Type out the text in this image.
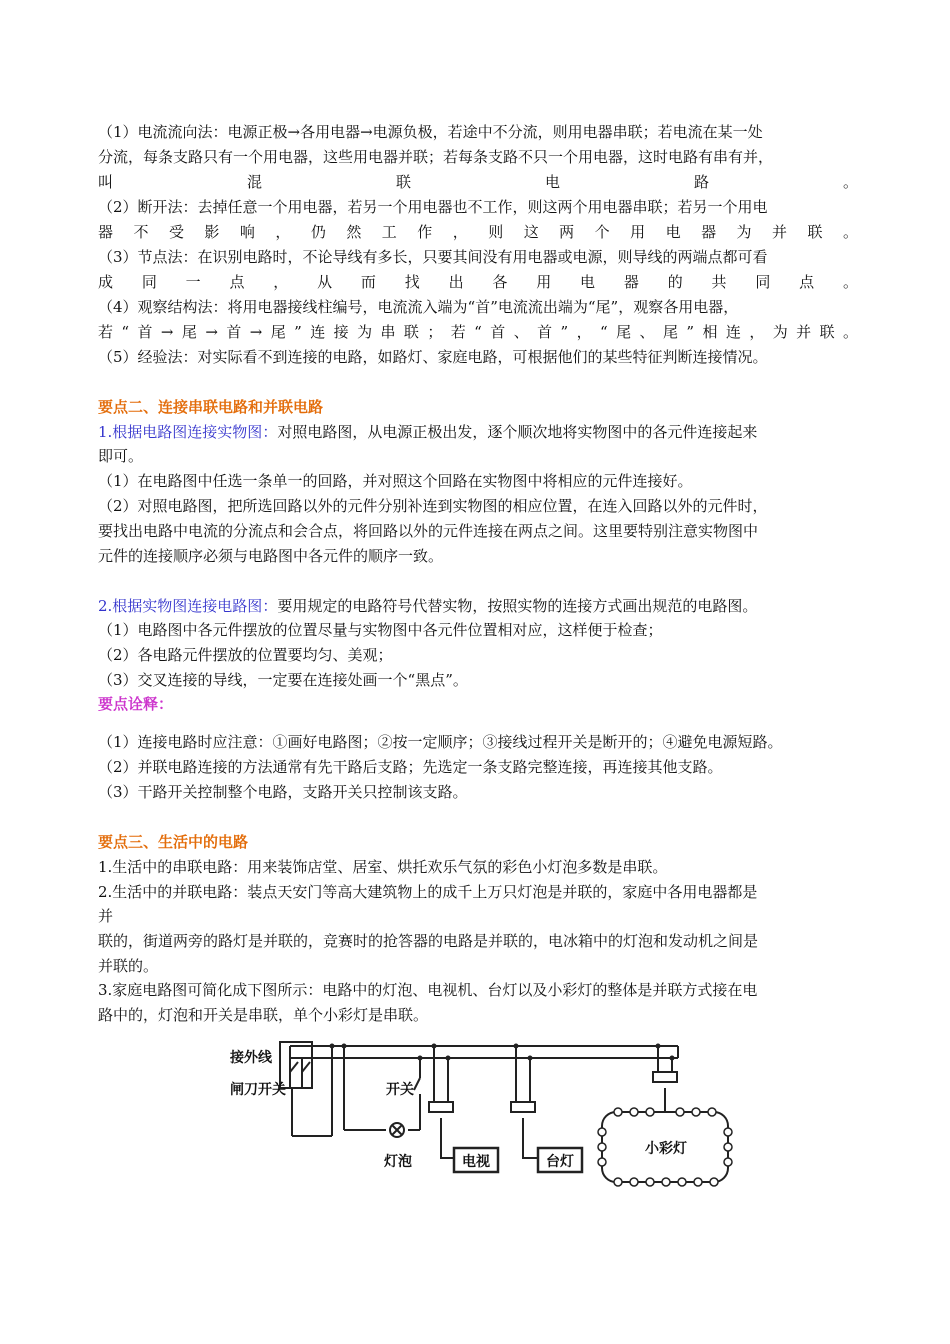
（1）电流流向法：电源正极→各用电器→电源负极，若途中不分流，则用电器串联；若电流在某一处
分流，每条支路只有一个用电器，这些用电器并联；若每条支路不只一个用电器，这时电路有串有并，
叫混联电路。
（2）断开法：去掉任意一个用电器，若另一个用电器也不工作，则这两个用电器串联；若另一个用电
器不受影响，仍然工作，则这两个用电器为并联。
（3）节点法：在识别电路时，不论导线有多长，只要其间没有用电器或电源，则导线的两端点都可看
成同一点，从而找出各用电器的共同点。
（4）观察结构法：将用电器接线柱编号，电流流入端为“首”电流流出端为“尾”，观察各用电器，
若“首→尾→首→尾”连接为串联；若“首、首”，“尾、尾”相连，为并联。
（5）经验法：对实际看不到连接的电路，如路灯、家庭电路，可根据他们的某些特征判断连接情况。
要点二、连接串联电路和并联电路
1.根据电路图连接实物图：对照电路图，从电源正极出发，逐个顺次地将实物图中的各元件连接起来
即可。
（1）在电路图中任选一条单一的回路，并对照这个回路在实物图中将相应的元件连接好。
（2）对照电路图，把所选回路以外的元件分别补连到实物图的相应位置，在连入回路以外的元件时，
要找出电路中电流的分流点和会合点，将回路以外的元件连接在两点之间。这里要特别注意实物图中
元件的连接顺序必须与电路图中各元件的顺序一致。
2.根据实物图连接电路图：要用规定的电路符号代替实物，按照实物的连接方式画出规范的电路图。
（1）电路图中各元件摆放的位置尽量与实物图中各元件位置相对应，这样便于检查；
（2）各电路元件摆放的位置要均匀、美观；
（3）交叉连接的导线，一定要在连接处画一个“黑点”。
要点诠释：
（1）连接电路时应注意：①画好电路图；②按一定顺序；③接线过程开关是断开的；④避免电源短路。
（2）并联电路连接的方法通常有先干路后支路；先选定一条支路完整连接，再连接其他支路。
（3）干路开关控制整个电路，支路开关只控制该支路。
要点三、生活中的电路
1.生活中的串联电路：用来装饰店堂、居室、烘托欢乐气氛的彩色小灯泡多数是串联。
2.生活中的并联电路：装点天安门等高大建筑物上的成千上万只灯泡是并联的，家庭中各用电器都是
并
联的，街道两旁的路灯是并联的，竞赛时的抢答器的电路是并联的，电冰箱中的灯泡和发动机之间是
并联的。
3.家庭电路图可简化成下图所示：电路中的灯泡、电视机、台灯以及小彩灯的整体是并联方式接在电
路中的，灯泡和开关是串联，单个小彩灯是串联。
接外线
闸刀开关	开关
灯泡	电视	台灯
小彩灯
